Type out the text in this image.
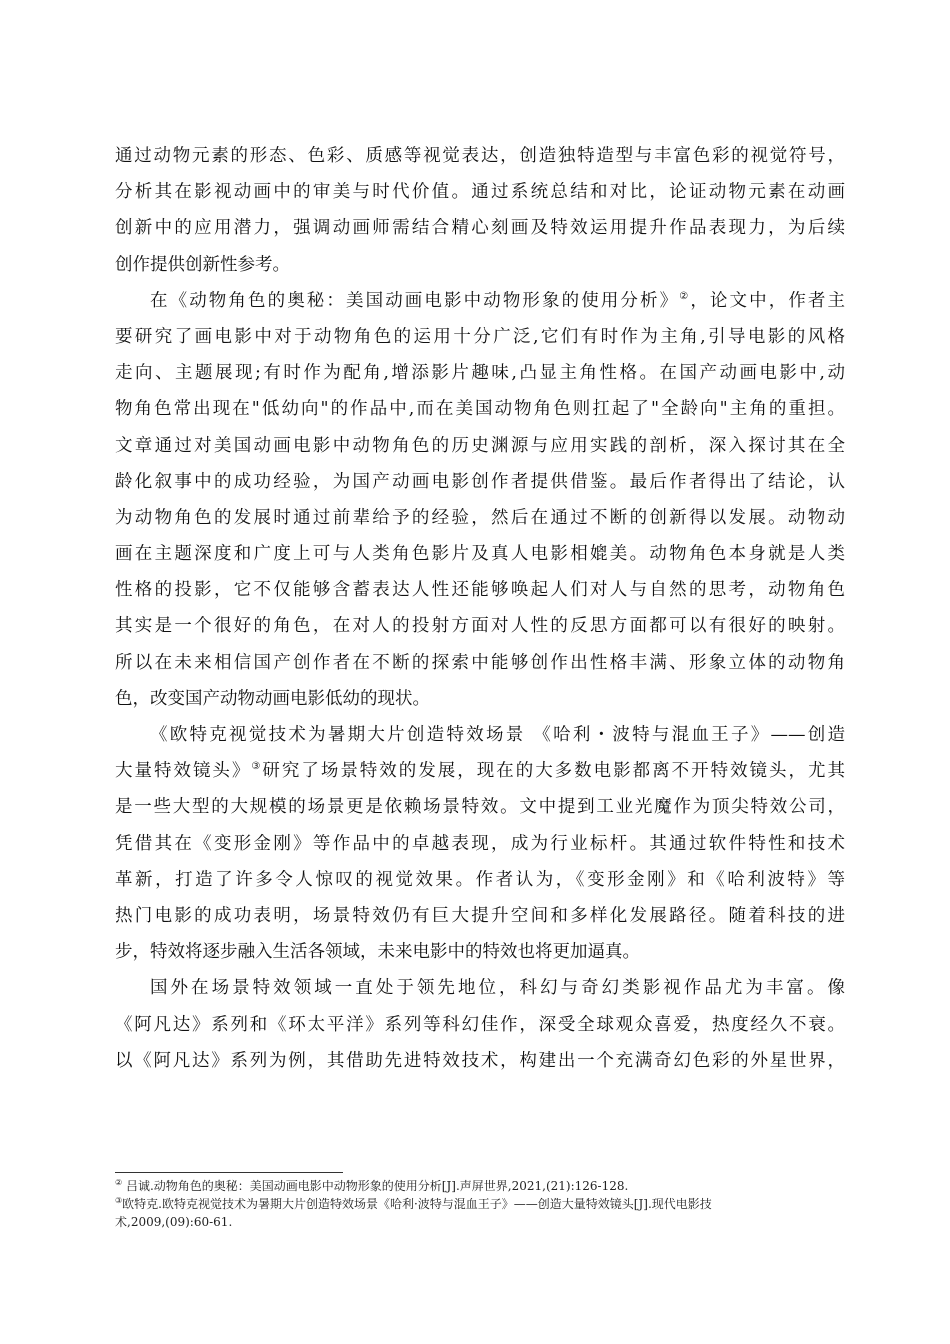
通过动物元素的形态、色彩、质感等视觉表达，创造独特造型与丰富色彩的视觉符号，
分析其在影视动画中的审美与时代价值。通过系统总结和对比，论证动物元素在动画
创新中的应用潜力，强调动画师需结合精心刻画及特效运用提升作品表现力，为后续
创作提供创新性参考。
在《动物角色的奥秘：美国动画电影中动物形象的使用分析》②，论文中，作者主
要研究了画电影中对于动物角色的运用十分广泛,它们有时作为主角,引导电影的风格
走向、主题展现;有时作为配角,增添影片趣味,凸显主角性格。在国产动画电影中,动
物角色常出现在"低幼向"的作品中,而在美国动物角色则扛起了"全龄向"主角的重担。
文章通过对美国动画电影中动物角色的历史渊源与应用实践的剖析，深入探讨其在全
龄化叙事中的成功经验，为国产动画电影创作者提供借鉴。最后作者得出了结论，认
为动物角色的发展时通过前辈给予的经验，然后在通过不断的创新得以发展。动物动
画在主题深度和广度上可与人类角色影片及真人电影相媲美。动物角色本身就是人类
性格的投影，它不仅能够含蓄表达人性还能够唤起人们对人与自然的思考，动物角色
其实是一个很好的角色，在对人的投射方面对人性的反思方面都可以有很好的映射。
所以在未来相信国产创作者在不断的探索中能够创作出性格丰满、形象立体的动物角
色，改变国产动物动画电影低幼的现状。
《欧特克视觉技术为暑期大片创造特效场景 《哈利・波特与混血王子》——创造
大量特效镜头》③研究了场景特效的发展，现在的大多数电影都离不开特效镜头，尤其
是一些大型的大规模的场景更是依赖场景特效。文中提到工业光魔作为顶尖特效公司，
凭借其在《变形金刚》等作品中的卓越表现，成为行业标杆。其通过软件特性和技术
革新，打造了许多令人惊叹的视觉效果。作者认为，《变形金刚》和《哈利波特》等
热门电影的成功表明，场景特效仍有巨大提升空间和多样化发展路径。随着科技的进
步，特效将逐步融入生活各领域，未来电影中的特效也将更加逼真。
国外在场景特效领域一直处于领先地位，科幻与奇幻类影视作品尤为丰富。像
《阿凡达》系列和《环太平洋》系列等科幻佳作，深受全球观众喜爱，热度经久不衰。
以《阿凡达》系列为例，其借助先进特效技术，构建出一个充满奇幻色彩的外星世界，
② 吕诚.动物角色的奥秘：美国动画电影中动物形象的使用分析[J].声屏世界,2021,(21):126-128.
③欧特克.欧特克视觉技术为暑期大片创造特效场景《哈利·波特与混血王子》——创造大量特效镜头[J].现代电影技
术,2009,(09):60-61.
